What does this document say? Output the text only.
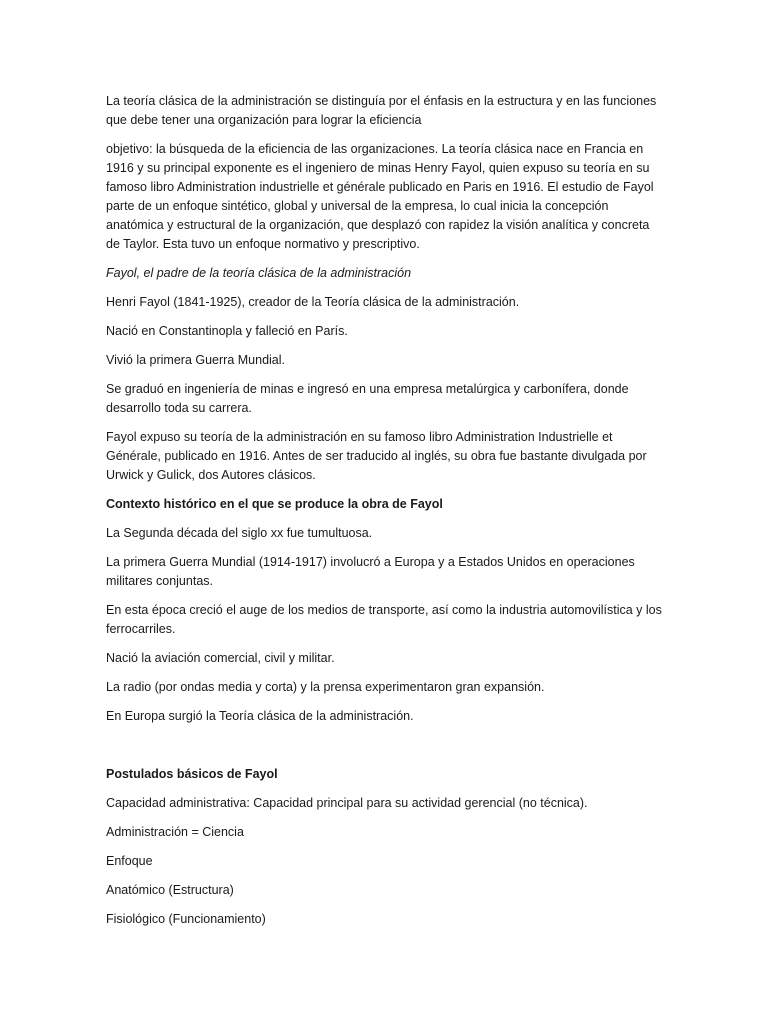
La teoría clásica de la administración se distinguía por el énfasis en la estructura y en las funciones que debe tener una organización para lograr la eficiencia

objetivo: la búsqueda de la eficiencia de las organizaciones. La teoría clásica nace en Francia en 1916 y su principal exponente es el ingeniero de minas Henry Fayol, quien expuso su teoría en su famoso libro Administration industrielle et générale publicado en Paris en 1916. El estudio de Fayol parte de un enfoque sintético, global y universal de la empresa, lo cual inicia la concepción anatómica y estructural de la organización, que desplazó con rapidez la visión analítica y concreta de Taylor. Esta tuvo un enfoque normativo y prescriptivo.

Fayol, el padre de la teoría clásica de la administración

Henri Fayol (1841-1925), creador de la Teoría clásica de la administración.

Nació en Constantinopla y falleció en París.

Vivió la primera Guerra Mundial.

Se graduó en ingeniería de minas e ingresó en una empresa metalúrgica y carbonífera, donde desarrollo toda su carrera.

Fayol expuso su teoría de la administración en su famoso libro Administration Industrielle et Générale, publicado en 1916. Antes de ser traducido al inglés, su obra fue bastante divulgada por Urwick y Gulick, dos Autores clásicos.

Contexto histórico en el que se produce la obra de Fayol

La Segunda década del siglo xx fue tumultuosa.

La primera Guerra Mundial (1914-1917) involucró a Europa y a Estados Unidos en operaciones militares conjuntas.

En esta época creció el auge de los medios de transporte, así como la industria automovilística y los ferrocarriles.

Nació la aviación comercial, civil y militar.

La radio (por ondas media y corta) y la prensa experimentaron gran expansión.

En Europa surgió la Teoría clásica de la administración.

Postulados básicos de Fayol

Capacidad administrativa: Capacidad principal para su actividad gerencial (no técnica).

Administración = Ciencia

Enfoque

Anatómico (Estructura)

Fisiológico (Funcionamiento)
